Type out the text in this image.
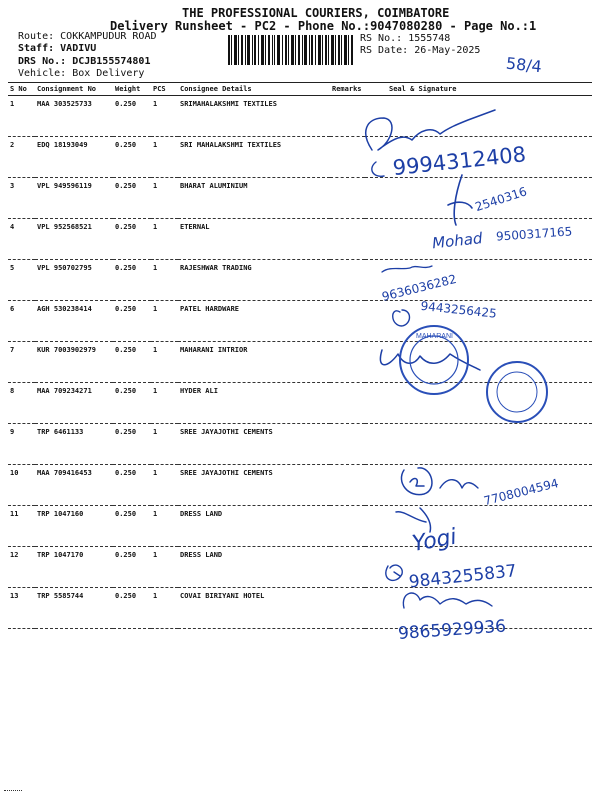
THE PROFESSIONAL COURIERS, COIMBATORE
Delivery Runsheet - PC2 - Phone No.:9047080280 - Page No.:1
Route: COKKAMPUDUR ROAD
Staff: VADIVU
DRS No.: DCJB155574801
Vehicle: Box Delivery
RS No.: 1555748
RS Date: 26-May-2025
S No	Consignment No	Weight	PCS	Consignee Details	Remarks	Seal & Signature
1	MAA 303525733	0.250	1	SRIMAHALAKSHMI TEXTILES		
2	EDQ 18193049	0.250	1	SRI MAHALAKSHMI TEXTILES		
3	VPL 949596119	0.250	1	BHARAT ALUMINIUM		
4	VPL 952568521	0.250	1	ETERNAL		
5	VPL 950702795	0.250	1	RAJESHWAR TRADING		
6	AGH 530238414	0.250	1	PATEL HARDWARE		
7	KUR 7003902979	0.250	1	MAHARANI INTRIOR		
8	MAA 709234271	0.250	1	HYDER ALI		
9	TRP 6461133	0.250	1	SREE JAYAJOTHI CEMENTS		
10	MAA 709416453	0.250	1	SREE JAYAJOTHI CEMENTS		
11	TRP 1047160	0.250	1	DRESS LAND		
12	TRP 1047170	0.250	1	DRESS LAND		
13	TRP 5585744	0.250	1	COVAI BIRIYANI HOTEL		
58/4
9994312408
2540316
Mohad 9500317165
9636036282
9443256425
MAHARANI
7708004594
Yogi
9843255837
9865929936
